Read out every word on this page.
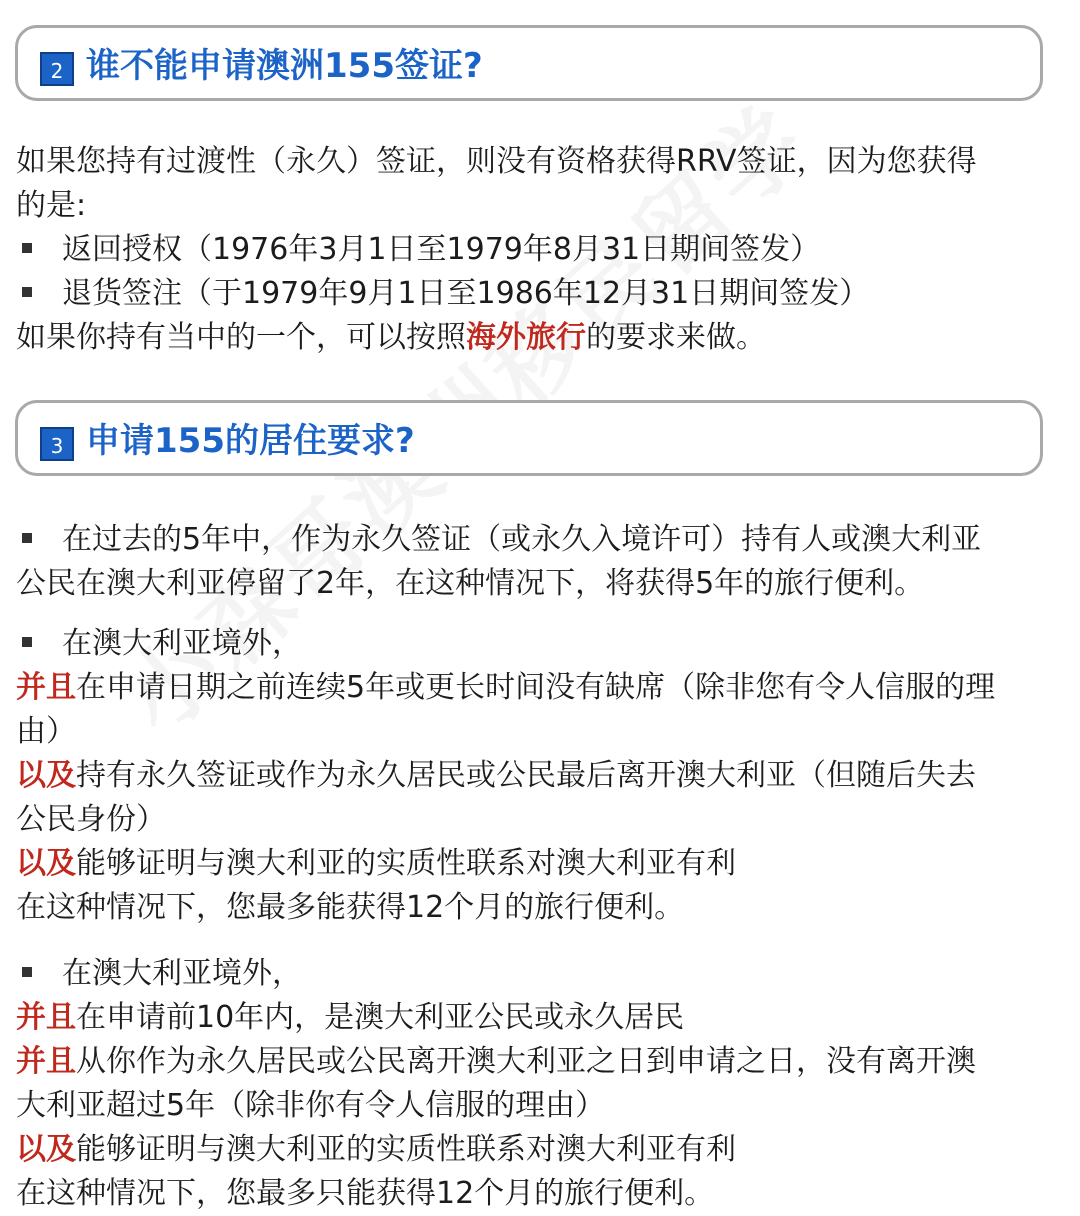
2 谁不能申请澳洲155签证?
如果您持有过渡性（永久）签证，则没有资格获得RRV签证，因为您获得
的是:
返回授权（1976年3月1日至1979年8月31日期间签发）
退货签注（于1979年9月1日至1986年12月31日期间签发）
如果你持有当中的一个，可以按照海外旅行的要求来做。
3 申请155的居住要求?
在过去的5年中，作为永久签证（或永久入境许可）持有人或澳大利亚
公民在澳大利亚停留了2年，在这种情况下，将获得5年的旅行便利。
在澳大利亚境外，
并且在申请日期之前连续5年或更长时间没有缺席（除非您有令人信服的理
由）
以及持有永久签证或作为永久居民或公民最后离开澳大利亚（但随后失去
公民身份）
以及能够证明与澳大利亚的实质性联系对澳大利亚有利
在这种情况下，您最多能获得12个月的旅行便利。
在澳大利亚境外，
并且在申请前10年内，是澳大利亚公民或永久居民
并且从你作为永久居民或公民离开澳大利亚之日到申请之日，没有离开澳
大利亚超过5年（除非你有令人信服的理由）
以及能够证明与澳大利亚的实质性联系对澳大利亚有利
在这种情况下，您最多只能获得12个月的旅行便利。
